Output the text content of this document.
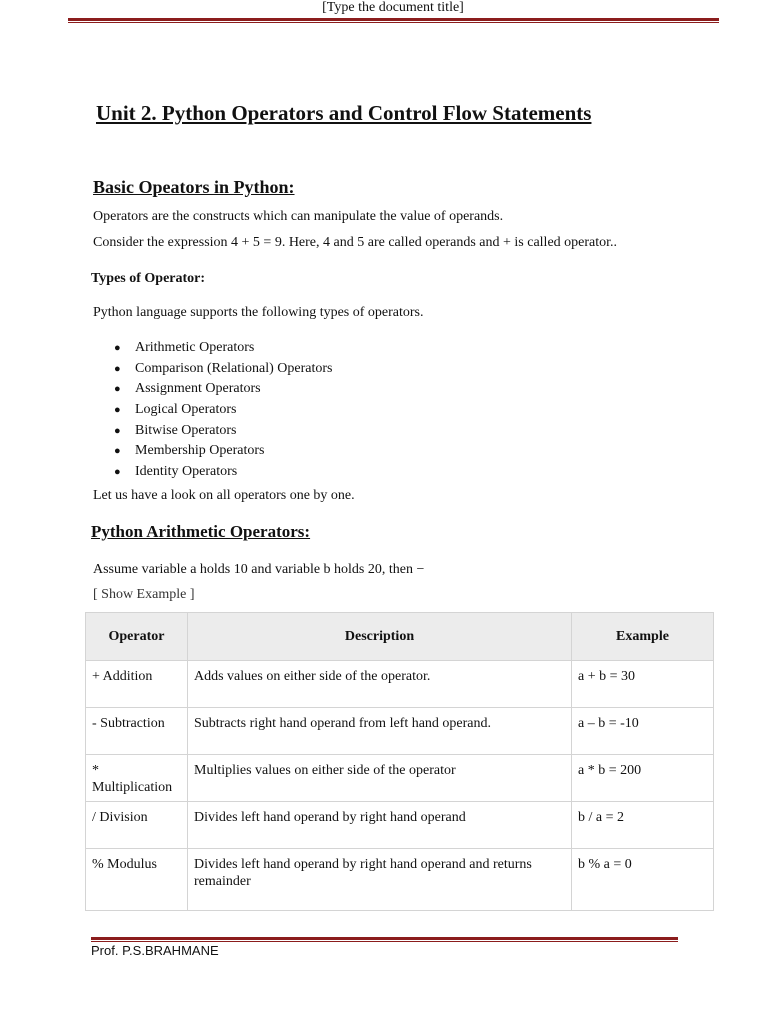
[Type the document title]
Unit 2. Python Operators and Control Flow Statements
Basic Opeators in Python:
Operators are the constructs which can manipulate the value of operands.
Consider the expression 4 + 5 = 9. Here, 4 and 5 are called operands and + is called operator..
Types of Operator:
Python language supports the following types of operators.
● Arithmetic Operators
● Comparison (Relational) Operators
● Assignment Operators
● Logical Operators
● Bitwise Operators
● Membership Operators
● Identity Operators
Let us have a look on all operators one by one.
Python Arithmetic Operators:
Assume variable a holds 10 and variable b holds 20, then −
[ Show Example ]
Operator	Description	Example
+ Addition	Adds values on either side of the operator.	a + b = 30
- Subtraction	Subtracts right hand operand from left hand operand.	a – b = -10
* Multiplication	Multiplies values on either side of the operator	a * b = 200
/ Division	Divides left hand operand by right hand operand	b / a = 2
% Modulus	Divides left hand operand by right hand operand and returns remainder	b % a = 0
Prof. P.S.BRAHMANE
